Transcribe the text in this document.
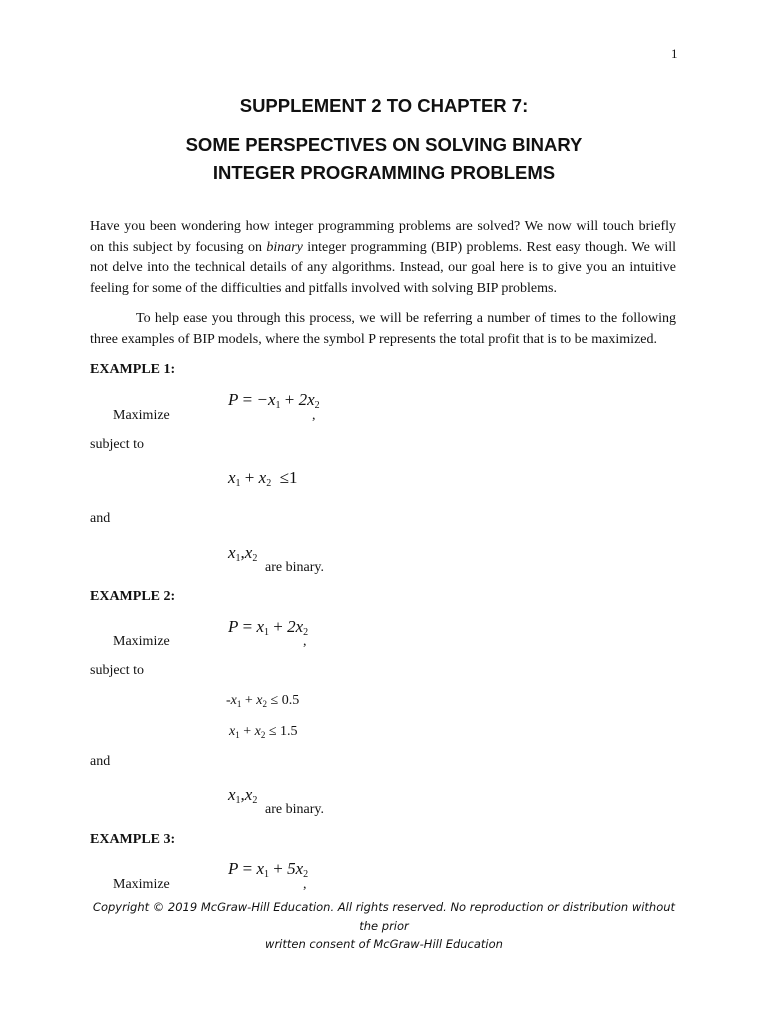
1
SUPPLEMENT 2 TO CHAPTER 7:
SOME PERSPECTIVES ON SOLVING BINARY
INTEGER PROGRAMMING PROBLEMS
Have you been wondering how integer programming problems are solved? We now will touch briefly on this subject by focusing on binary integer programming (BIP) problems. Rest easy though. We will not delve into the technical details of any algorithms. Instead, our goal here is to give you an intuitive feeling for some of the difficulties and pitfalls involved with solving BIP problems.
To help ease you through this process, we will be referring a number of times to the following three examples of BIP models, where the symbol P represents the total profit that is to be maximized.
EXAMPLE 1:
$P = -x_1 + 2x_2$
Maximize	,
subject to
$x_1 + x_2 \le 1$
and
$x_1,x_2$
are binary.
EXAMPLE 2:
$P = x_1 + 2x_2$
Maximize	,
subject to
$-x_1 + x_2 \le 0.5$
$x_1 + x_2 \le 1.5$
and
$x_1,x_2$
are binary.
EXAMPLE 3:
$P = x_1 + 5x_2$
Maximize	,
Copyright © 2019 McGraw-Hill Education. All rights reserved. No reproduction or distribution without the prior
written consent of McGraw-Hill Education
